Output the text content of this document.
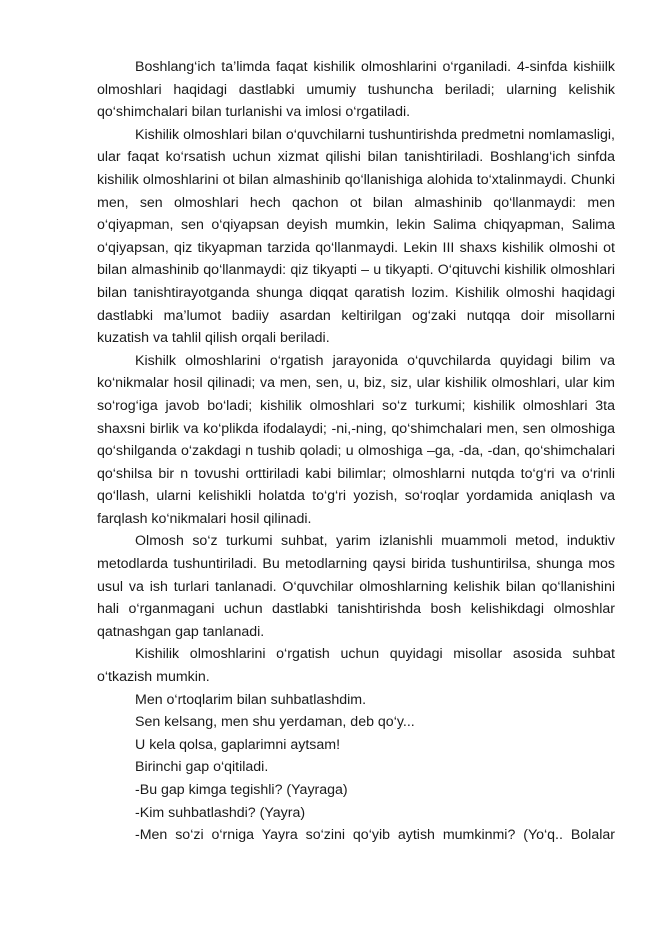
Boshlang‘ich ta’limda faqat kishilik olmoshlarini o‘rganiladi. 4-sinfda kishiilk olmoshlari haqidagi dastlabki umumiy tushuncha beriladi; ularning kelishik qo‘shimchalari bilan turlanishi va imlosi o‘rgatiladi.

Kishilik olmoshlari bilan o‘quvchilarni tushuntirishda predmetni nomlamasligi, ular faqat ko‘rsatish uchun xizmat qilishi bilan tanishtiriladi. Boshlang‘ich sinfda kishilik olmoshlarini ot bilan almashinib qo‘llanishiga alohida to‘xtalinmaydi. Chunki men, sen olmoshlari hech qachon ot bilan almashinib qo‘llanmaydi: men o‘qiyapman, sen o‘qiyapsan deyish mumkin, lekin Salima chiqyapman, Salima o‘qiyapsan, qiz tikyapman tarzida qo‘llanmaydi. Lekin III shaxs kishilik olmoshi ot bilan almashinib qo‘llanmaydi: qiz tikyapti – u tikyapti. O‘qituvchi kishilik olmoshlari bilan tanishtirayotganda shunga diqqat qaratish lozim. Kishilik olmoshi haqidagi dastlabki ma’lumot badiiy asardan keltirilgan og‘zaki nutqqa doir misollarni kuzatish va tahlil qilish orqali beriladi.

Kishilk olmoshlarini o‘rgatish jarayonida o‘quvchilarda quyidagi bilim va ko‘nikmalar hosil qilinadi; va men, sen, u, biz, siz, ular kishilik olmoshlari, ular kim so‘rog‘iga javob bo‘ladi; kishilik olmoshlari so‘z turkumi; kishilik olmoshlari 3ta shaxsni birlik va ko‘plikda ifodalaydi; -ni,-ning, qo‘shimchalari men, sen olmoshiga qo‘shilganda o‘zakdagi n tushib qoladi; u olmoshiga –ga, -da, -dan, qo‘shimchalari qo‘shilsa bir n tovushi orttiriladi kabi bilimlar; olmoshlarni nutqda to‘g‘ri va o‘rinli qo‘llash, ularni kelishikli holatda to‘g‘ri yozish, so‘roqlar yordamida aniqlash va farqlash ko‘nikmalari hosil qilinadi.

Olmosh so‘z turkumi suhbat, yarim izlanishli muammoli metod, induktiv metodlarda tushuntiriladi. Bu metodlarning qaysi birida tushuntirilsa, shunga mos usul va ish turlari tanlanadi. O‘quvchilar olmoshlarning kelishik bilan qo‘llanishini hali o‘rganmagani uchun dastlabki tanishtirishda bosh kelishikdagi olmoshlar qatnashgan gap tanlanadi.

Kishilik olmoshlarini o‘rgatish uchun quyidagi misollar asosida suhbat o‘tkazish mumkin.

Men o‘rtoqlarim bilan suhbatlashdim.

Sen kelsang, men shu yerdaman, deb qo‘y...

U kela qolsa, gaplarimni aytsam!

Birinchi gap o‘qitiladi.

-Bu gap kimga tegishli? (Yayraga)

-Kim suhbatlashdi? (Yayra)

-Men so‘zi o‘rniga Yayra so‘zini qo‘yib aytish mumkinmi? (Yo‘q.. Bolalar
